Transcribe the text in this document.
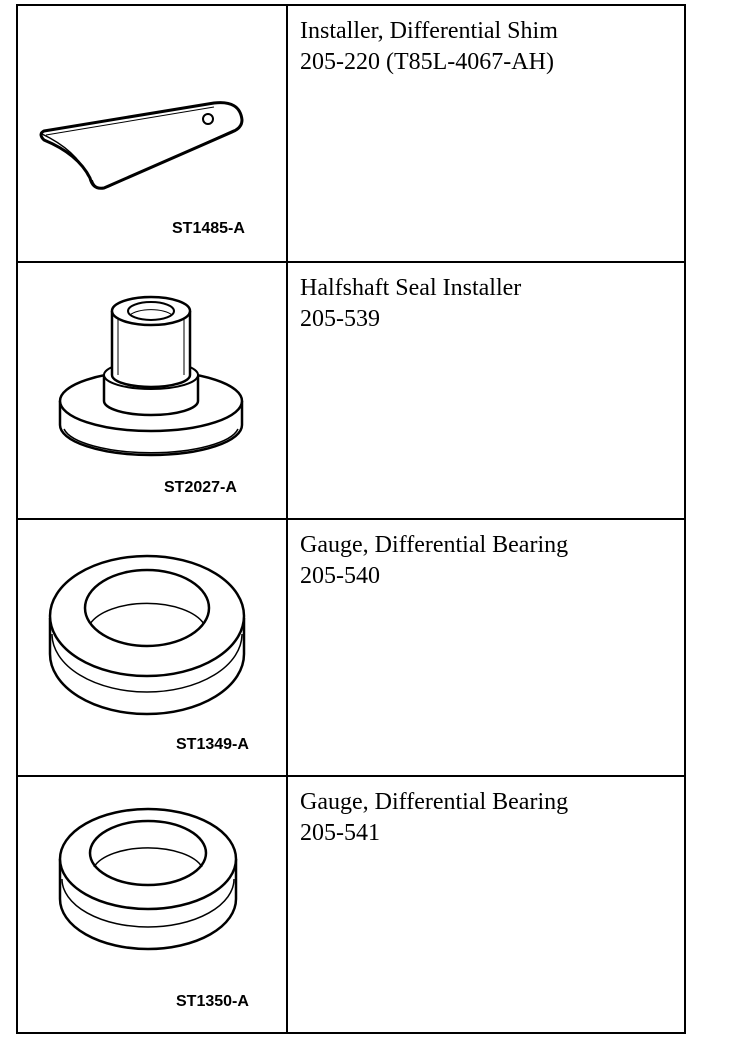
ST1485-A	Installer, Differential Shim
205-220 (T85L-4067-AH)

ST2027-A	Halfshaft Seal Installer
205-539

ST1349-A	Gauge, Differential Bearing
205-540

ST1350-A	Gauge, Differential Bearing
205-541
